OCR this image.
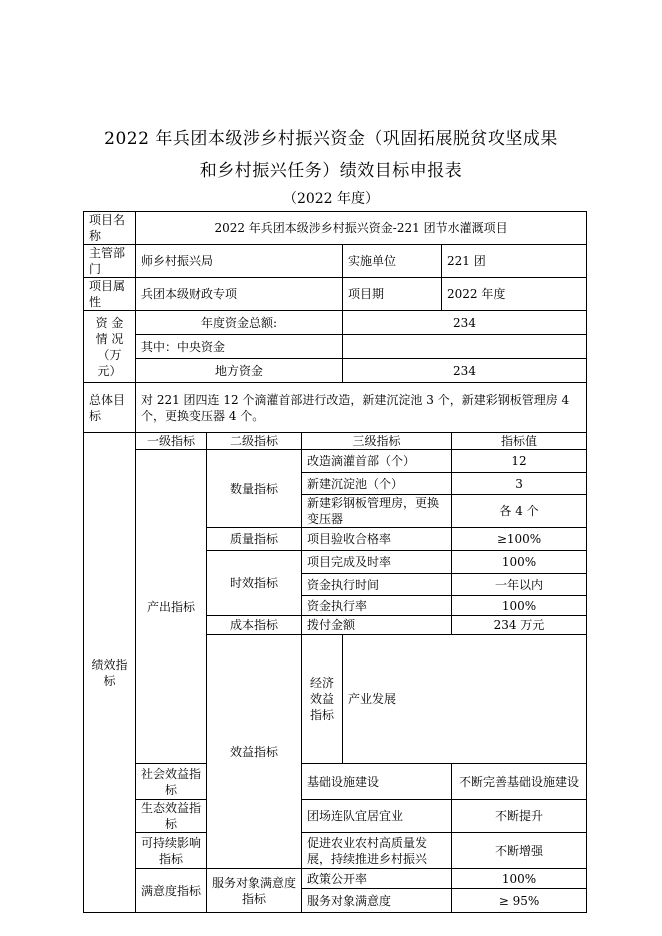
2022 年兵团本级涉乡村振兴资金（巩固拓展脱贫攻坚成果
和乡村振兴任务）绩效目标申报表
（2022 年度）
项目名称	2022 年兵团本级涉乡村振兴资金-221 团节水灌溉项目						
主管部门	师乡村振兴局			实施单位	221 团		
项目属性	兵团本级财政专项			项目期	2022 年度		
资 金 情 况（万元）	年度资金总额:			234			
	其中：中央资金						
	地方资金			234			
总体目标	对 221 团四连 12 个滴灌首部进行改造，新建沉淀池 3 个，新建彩钢板管理房 4 个，更换变压器 4 个。						
绩效指标	一级指标	二级指标	三级指标			指标值	
	产出指标	数量指标	改造滴灌首部（个）			12	
			新建沉淀池（个）			3	
			新建彩钢板管理房，更换变压器			各 4 个	
		质量指标	项目验收合格率			≥100%	
		时效指标	项目完成及时率			100%	
			资金执行时间			一年以内	
			资金执行率			100%	
		成本指标	拨付金额			234 万元	
		效益指标	经济效益指标	产业发展	
	社会效益指标		基础设施建设			不断完善基础设施建设	
	生态效益指标		团场连队宜居宜业			不断提升	
	可持续影响指标		促进农业农村高质量发展，持续推进乡村振兴			不断增强	

	满意度指标	服务对象满意度指标	政策公开率			100%	
			服务对象满意度			≥ 95%	
